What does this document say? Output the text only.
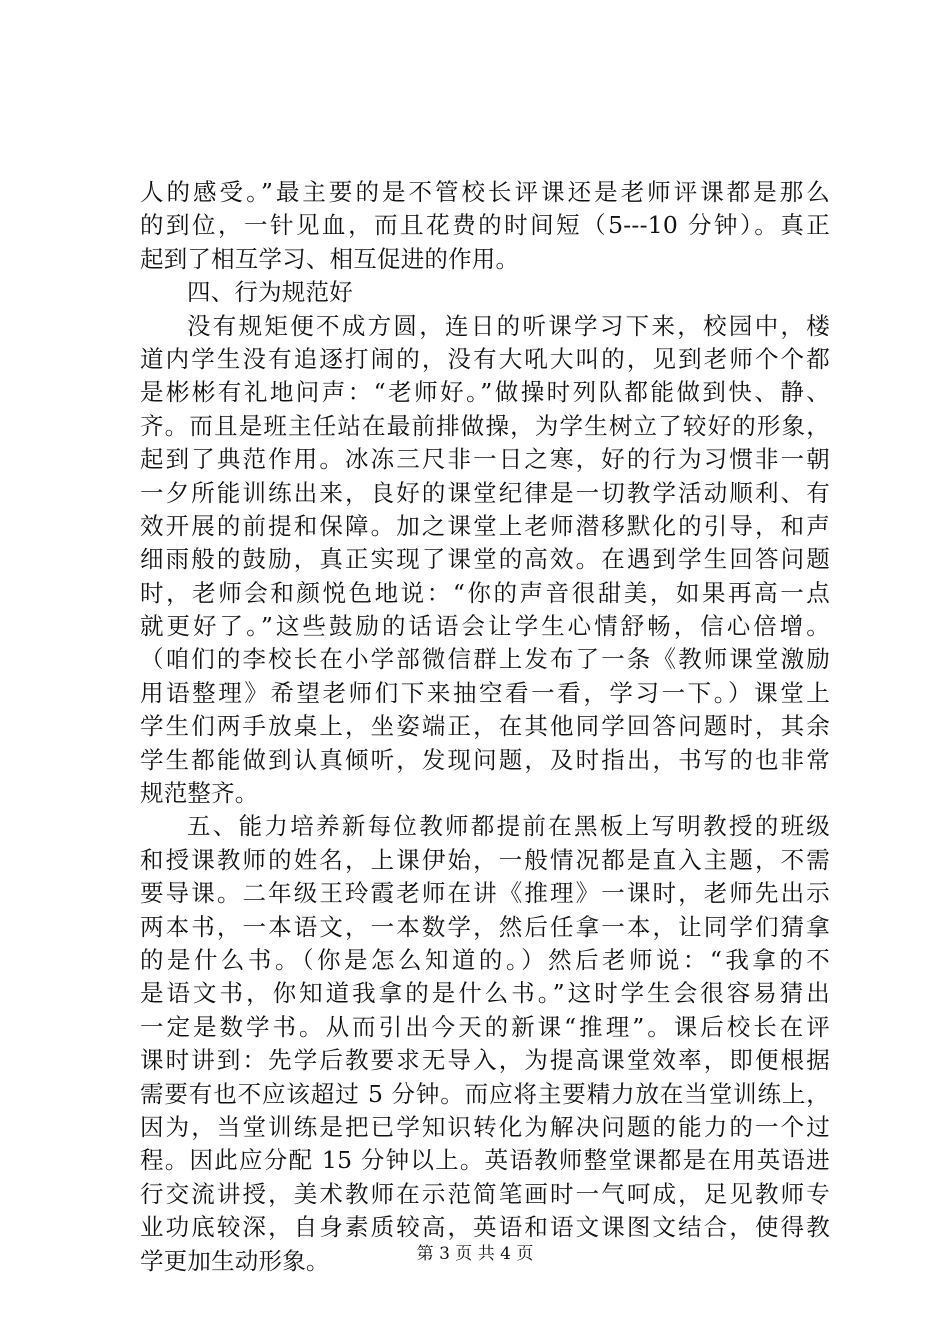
人的感受。”最主要的是不管校长评课还是老师评课都是那么
的到位，一针见血，而且花费的时间短（5---10 分钟）。真正
起到了相互学习、相互促进的作用。
四、行为规范好
没有规矩便不成方圆，连日的听课学习下来，校园中，楼
道内学生没有追逐打闹的，没有大吼大叫的，见到老师个个都
是彬彬有礼地问声：“老师好。”做操时列队都能做到快、静、
齐。而且是班主任站在最前排做操，为学生树立了较好的形象，
起到了典范作用。冰冻三尺非一日之寒，好的行为习惯非一朝
一夕所能训练出来，良好的课堂纪律是一切教学活动顺利、有
效开展的前提和保障。加之课堂上老师潜移默化的引导，和声
细雨般的鼓励，真正实现了课堂的高效。在遇到学生回答问题
时，老师会和颜悦色地说：“你的声音很甜美，如果再高一点
就更好了。”这些鼓励的话语会让学生心情舒畅，信心倍增。
（咱们的李校长在小学部微信群上发布了一条《教师课堂激励
用语整理》希望老师们下来抽空看一看，学习一下。）课堂上
学生们两手放桌上，坐姿端正，在其他同学回答问题时，其余
学生都能做到认真倾听，发现问题，及时指出，书写的也非常
规范整齐。
五、能力培养新每位教师都提前在黑板上写明教授的班级
和授课教师的姓名，上课伊始，一般情况都是直入主题，不需
要导课。二年级王玲霞老师在讲《推理》一课时，老师先出示
两本书，一本语文，一本数学，然后任拿一本，让同学们猜拿
的是什么书。（你是怎么知道的。）然后老师说：“我拿的不
是语文书，你知道我拿的是什么书。”这时学生会很容易猜出
一定是数学书。从而引出今天的新课“推理”。课后校长在评
课时讲到：先学后教要求无导入，为提高课堂效率，即便根据
需要有也不应该超过 5 分钟。而应将主要精力放在当堂训练上，
因为，当堂训练是把已学知识转化为解决问题的能力的一个过
程。因此应分配 15 分钟以上。英语教师整堂课都是在用英语进
行交流讲授，美术教师在示范简笔画时一气呵成，足见教师专
业功底较深，自身素质较高，英语和语文课图文结合，使得教
学更加生动形象。	第 3 页 共 4 页
